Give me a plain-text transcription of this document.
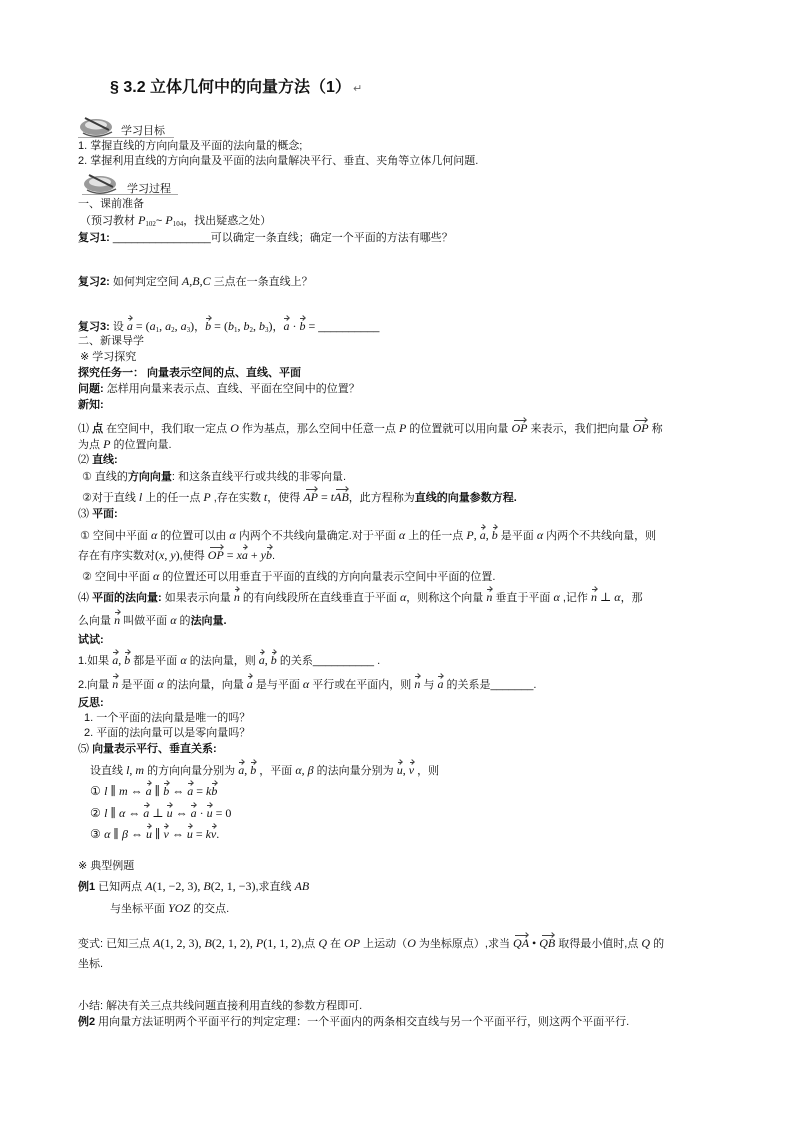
§ 3.2 立体几何中的向量方法（1） ↵
学习目标
1. 掌握直线的方向向量及平面的法向量的概念;
2. 掌握利用直线的方向向量及平面的法向量解决平行、垂直、夹角等立体几何问题.
学习过程
一、课前准备
（预习教材 P102~ P104，找出疑惑之处）
复习1: ________________可以确定一条直线；确定一个平面的方法有哪些？
复习2: 如何判定空间 A,B,C 三点在一条直线上？
复习3: 设 a = (a1, a2, a3)，b = (b1, b2, b3)，a · b = __________
二、新课导学
※ 学习探究
探究任务一： 向量表示空间的点、直线、平面
问题: 怎样用向量来表示点、直线、平面在空间中的位置？
新知:
⑴ 点 在空间中，我们取一定点 O 作为基点，那么空间中任意一点 P 的位置就可以用向量 OP 来表示，我们把向量 OP 称
为点 P 的位置向量.
⑵ 直线:
① 直线的方向向量: 和这条直线平行或共线的非零向量.
②对于直线 l 上的任一点 P ,存在实数 t，使得 AP = tAB，此方程称为直线的向量参数方程.
⑶ 平面:
① 空间中平面 α 的位置可以由 α 内两个不共线向量确定.对于平面 α 上的任一点 P, a, b 是平面 α 内两个不共线向量，则
存在有序实数对(x, y),使得 OP = xa + yb.
② 空间中平面 α 的位置还可以用垂直于平面的直线的方向向量表示空间中平面的位置.
⑷ 平面的法向量: 如果表示向量 n 的有向线段所在直线垂直于平面 α，则称这个向量 n 垂直于平面 α ,记作 n ⊥ α，那
么向量 n 叫做平面 α 的法向量.
试试:
1.如果 a, b 都是平面 α 的法向量，则 a, b 的关系__________ .
2.向量 n 是平面 α 的法向量，向量 a 是与平面 α 平行或在平面内，则 n 与 a 的关系是_______.
反思:
1. 一个平面的法向量是唯一的吗？
2. 平面的法向量可以是零向量吗？
⑸ 向量表示平行、垂直关系:
设直线 l, m 的方向向量分别为 a, b ，平面 α, β 的法向量分别为 u, v ，则
① l ∥ m ⇔ a ∥ b ⇔ a = kb
② l ∥ α ⇔ a ⊥ u ⇔ a · u = 0
③ α ∥ β ⇔ u ∥ v ⇔ u = kv.
※ 典型例题
例1 已知两点 A(1, −2, 3), B(2, 1, −3),求直线 AB
与坐标平面 YOZ 的交点.
变式: 已知三点 A(1, 2, 3), B(2, 1, 2), P(1, 1, 2),点 Q 在 OP 上运动（O 为坐标原点）,求当 QA • QB 取得最小值时,点 Q 的
坐标.
小结: 解决有关三点共线问题直接利用直线的参数方程即可.
例2 用向量方法证明两个平面平行的判定定理：一个平面内的两条相交直线与另一个平面平行，则这两个平面平行.
